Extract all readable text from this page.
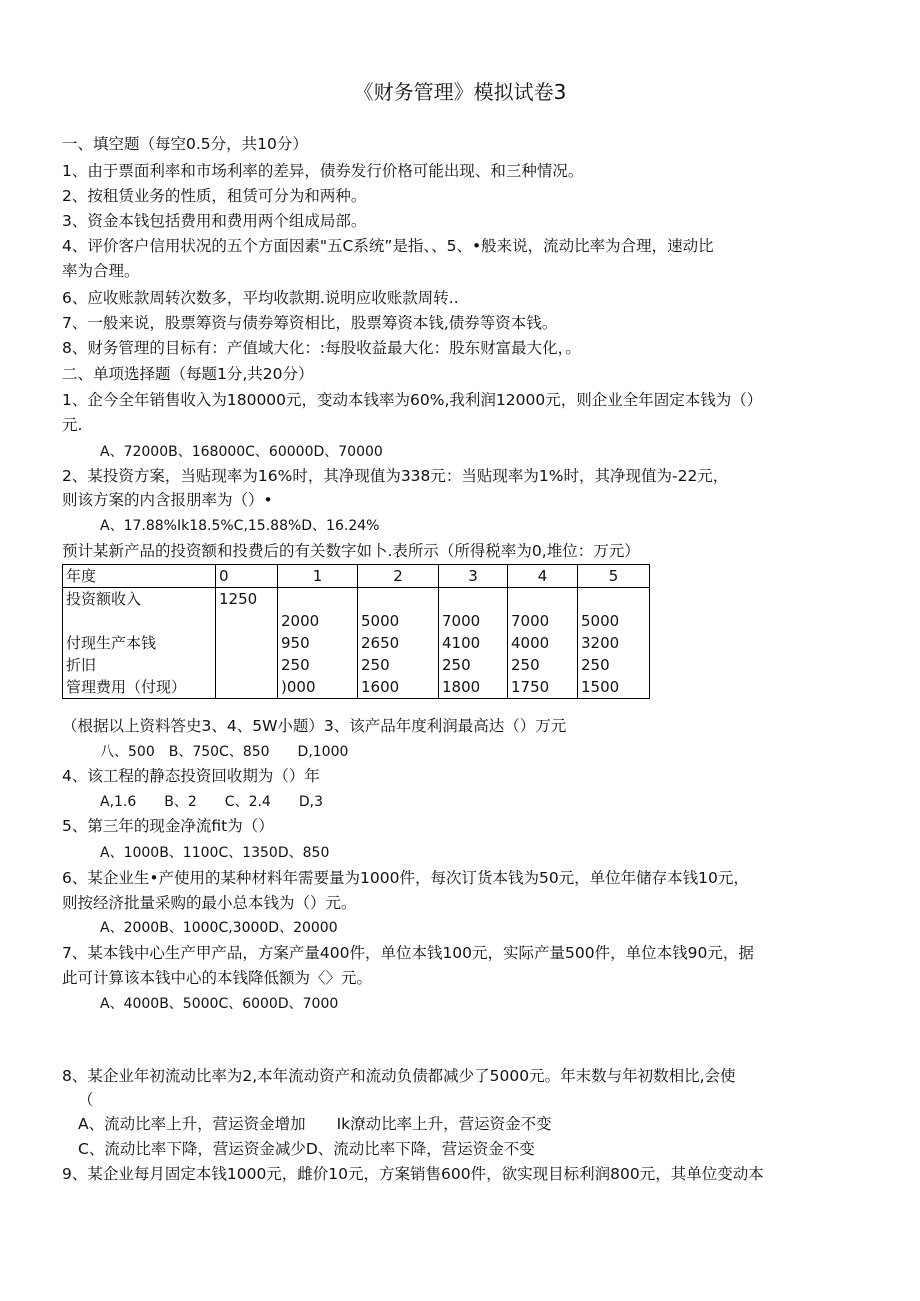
《财务管理》模拟试卷3
一、填空题（每空0.5分，共10分）
1、由于票面利率和市场利率的差异，债券发行价格可能出现、和三种情况。
2、按租赁业务的性质，租赁可分为和两种。
3、资金本钱包括费用和费用两个组成局部。
4、评价客户信用状况的五个方面因素"五C系统”是指、、5、•般来说，流动比率为合理，速动比
率为合理。
6、应收账款周转次数多，平均收款期.说明应收账款周转..
7、一般来说，股票筹资与债券筹资相比，股票筹资本钱,债券等资本钱。
8、财务管理的目标有：产值域大化：:每股收益最大化：股东财富最大化，。
二、单项选择题（每题1分,共20分）
1、企今全年销售收入为180000元，变动本钱率为60%,我利润12000元，则企业全年固定本钱为（）
元.
A、72000B、168000C、60000D、70000
2、某投资方案，当贴现率为16%时，其净现值为338元：当贴现率为1%时，其净现值为-22元，
则该方案的内含报朋率为（）•
A、17.88%Ik18.5%C,15.88%D、16.24%
预计某新产品的投资额和投费后的有关数字如卜.表所示（所得税率为0,堆位：万元）
年度	0	1	2	3	4	5
投资额收入	1250					
		2000	5000	7000	7000	5000
付现生产本钱		950	2650	4100	4000	3200
折旧		250	250	250	250	250
管理费用（付现）		)000	1600	1800	1750	1500
（根据以上资料答史3、4、5W小题）3、该产品年度利润最高达（）万元
八、500　B、750C、850　　D,1000
4、该工程的静态投资回收期为（）年
A,1.6　　B、2　　C、2.4　　D,3
5、第三年的现金净流fit为（）
A、1000B、1100C、1350D、850
6、某企业生•产使用的某种材料年需要量为1000件，每次订货本钱为50元，单位年储存本钱10元，
则按经济批量采购的最小总本钱为（）元。
A、2000B、1000C,3000D、20000
7、某本钱中心生产甲产品，方案产量400件，单位本钱100元，实际产量500件，单位本钱90元，据
此可计算该本钱中心的本钱降低额为〈〉元。
A、4000B、5000C、6000D、7000
8、某企业年初流动比率为2,本年流动资产和流动负债都减少了5000元。年末数与年初数相比,会使
（
A、流动比率上升，营运资金增加　　Ik潦动比率上升，营运资金不变
C、流动比率下降，营运资金减少D、流动比率下降，营运资金不变
9、某企业每月固定本钱1000元，雌价10元，方案销售600件，欲实现目标利润800元，其单位变动本
